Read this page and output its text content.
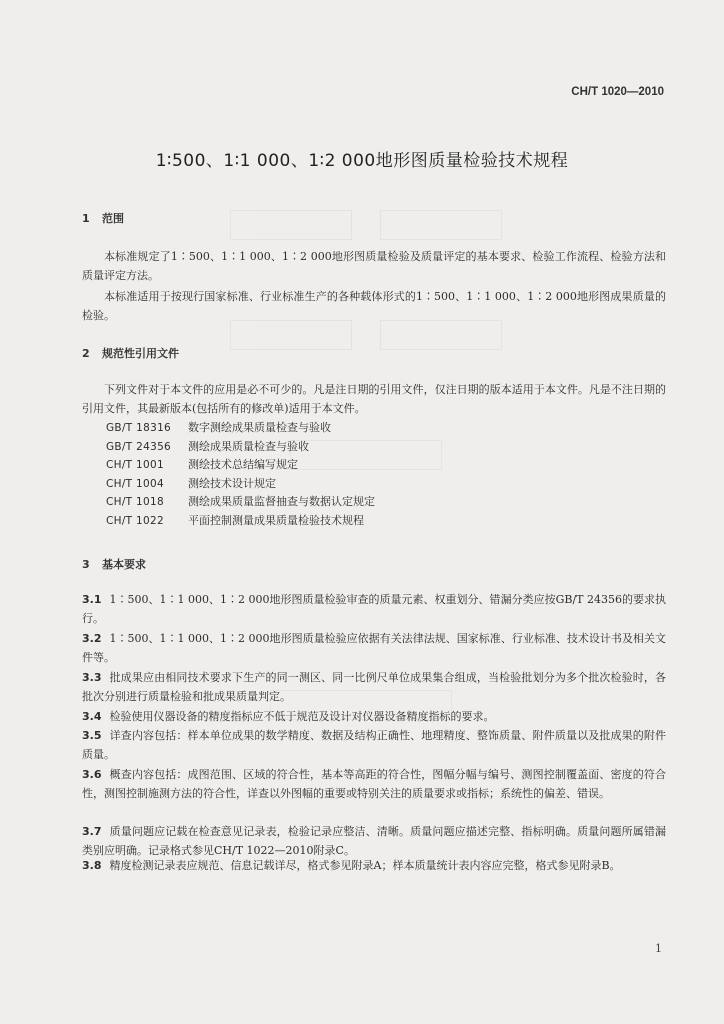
CH/T 1020—2010
1∶500、1∶1 000、1∶2 000地形图质量检验技术规程
1 范围
本标准规定了1∶500、1∶1 000、1∶2 000地形图质量检验及质量评定的基本要求、检验工作流程、检验方法和质量评定方法。
本标准适用于按现行国家标准、行业标准生产的各种载体形式的1∶500、1∶1 000、1∶2 000地形图成果质量的检验。
2 规范性引用文件
下列文件对于本文件的应用是必不可少的。凡是注日期的引用文件，仅注日期的版本适用于本文件。凡是不注日期的引用文件，其最新版本(包括所有的修改单)适用于本文件。
GB/T 18316 数字测绘成果质量检查与验收
GB/T 24356 测绘成果质量检查与验收
CH/T 1001 测绘技术总结编写规定
CH/T 1004 测绘技术设计规定
CH/T 1018 测绘成果质量监督抽查与数据认定规定
CH/T 1022 平面控制测量成果质量检验技术规程
3 基本要求
3.1 1∶500、1∶1 000、1∶2 000地形图质量检验审查的质量元素、权重划分、错漏分类应按GB/T 24356的要求执行。
3.2 1∶500、1∶1 000、1∶2 000地形图质量检验应依据有关法律法规、国家标准、行业标准、技术设计书及相关文件等。
3.3 批成果应由相同技术要求下生产的同一测区、同一比例尺单位成果集合组成，当检验批划分为多个批次检验时，各批次分别进行质量检验和批成果质量判定。
3.4 检验使用仪器设备的精度指标应不低于规范及设计对仪器设备精度指标的要求。
3.5 详查内容包括：样本单位成果的数学精度、数据及结构正确性、地理精度、整饰质量、附件质量以及批成果的附件质量。
3.6 概查内容包括：成图范围、区域的符合性，基本等高距的符合性，图幅分幅与编号、测图控制覆盖面、密度的符合性，测图控制施测方法的符合性，详查以外图幅的重要或特别关注的质量要求或指标；系统性的偏差、错误。
3.7 质量问题应记载在检查意见记录表，检验记录应整洁、清晰。质量问题应描述完整、指标明确。质量问题所属错漏类别应明确。记录格式参见CH/T 1022—2010附录C。
3.8 精度检测记录表应规范、信息记载详尽，格式参见附录A；样本质量统计表内容应完整，格式参见附录B。
1
